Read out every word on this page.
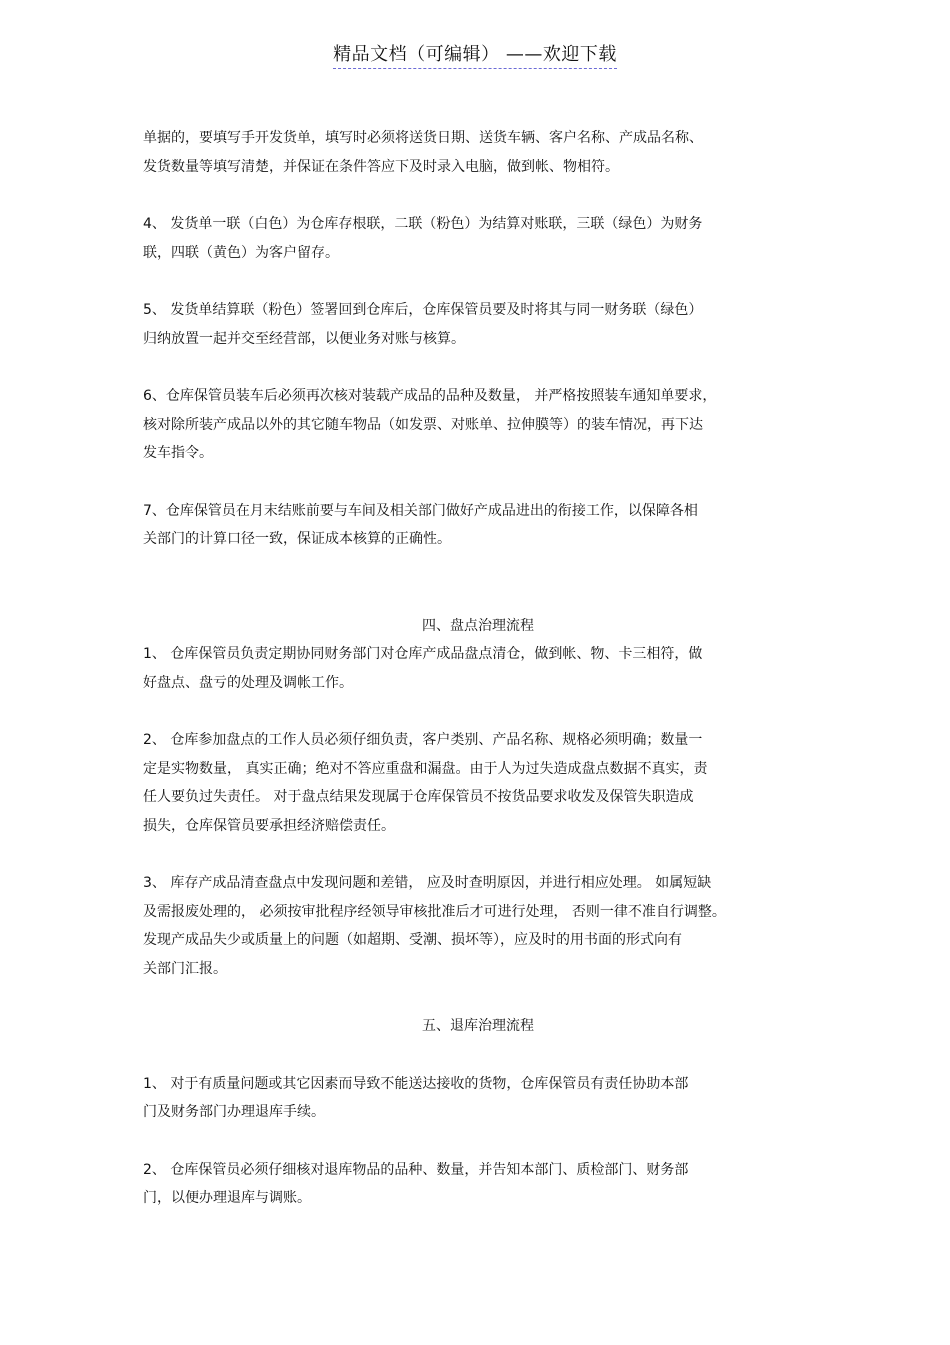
精品文档（可编辑） ——欢迎下载
单据的，要填写手开发货单，填写时必须将送货日期、送货车辆、客户名称、产成品名称、
发货数量等填写清楚，并保证在条件答应下及时录入电脑，做到帐、物相符。
4、 发货单一联（白色）为仓库存根联，二联（粉色）为结算对账联，三联（绿色）为财务
联，四联（黄色）为客户留存。
5、 发货单结算联（粉色）签署回到仓库后，仓库保管员要及时将其与同一财务联（绿色）
归纳放置一起并交至经营部，以便业务对账与核算。
6、仓库保管员装车后必须再次核对装载产成品的品种及数量， 并严格按照装车通知单要求，
核对除所装产成品以外的其它随车物品（如发票、对账单、拉伸膜等）的装车情况，再下达
发车指令。
7、仓库保管员在月末结账前要与车间及相关部门做好产成品进出的衔接工作，以保障各相
关部门的计算口径一致，保证成本核算的正确性。
四、盘点治理流程
1、 仓库保管员负责定期协同财务部门对仓库产成品盘点清仓，做到帐、物、卡三相符，做
好盘点、盘亏的处理及调帐工作。
2、 仓库参加盘点的工作人员必须仔细负责，客户类别、产品名称、规格必须明确；数量一
定是实物数量， 真实正确；绝对不答应重盘和漏盘。由于人为过失造成盘点数据不真实，责
任人要负过失责任。 对于盘点结果发现属于仓库保管员不按货品要求收发及保管失职造成
损失，仓库保管员要承担经济赔偿责任。
3、 库存产成品清查盘点中发现问题和差错， 应及时查明原因，并进行相应处理。 如属短缺
及需报废处理的， 必须按审批程序经领导审核批准后才可进行处理， 否则一律不准自行调整。
发现产成品失少或质量上的问题（如超期、受潮、损坏等），应及时的用书面的形式向有
关部门汇报。
五、退库治理流程
1、 对于有质量问题或其它因素而导致不能送达接收的货物，仓库保管员有责任协助本部
门及财务部门办理退库手续。
2、 仓库保管员必须仔细核对退库物品的品种、数量，并告知本部门、质检部门、财务部
门，以便办理退库与调账。
